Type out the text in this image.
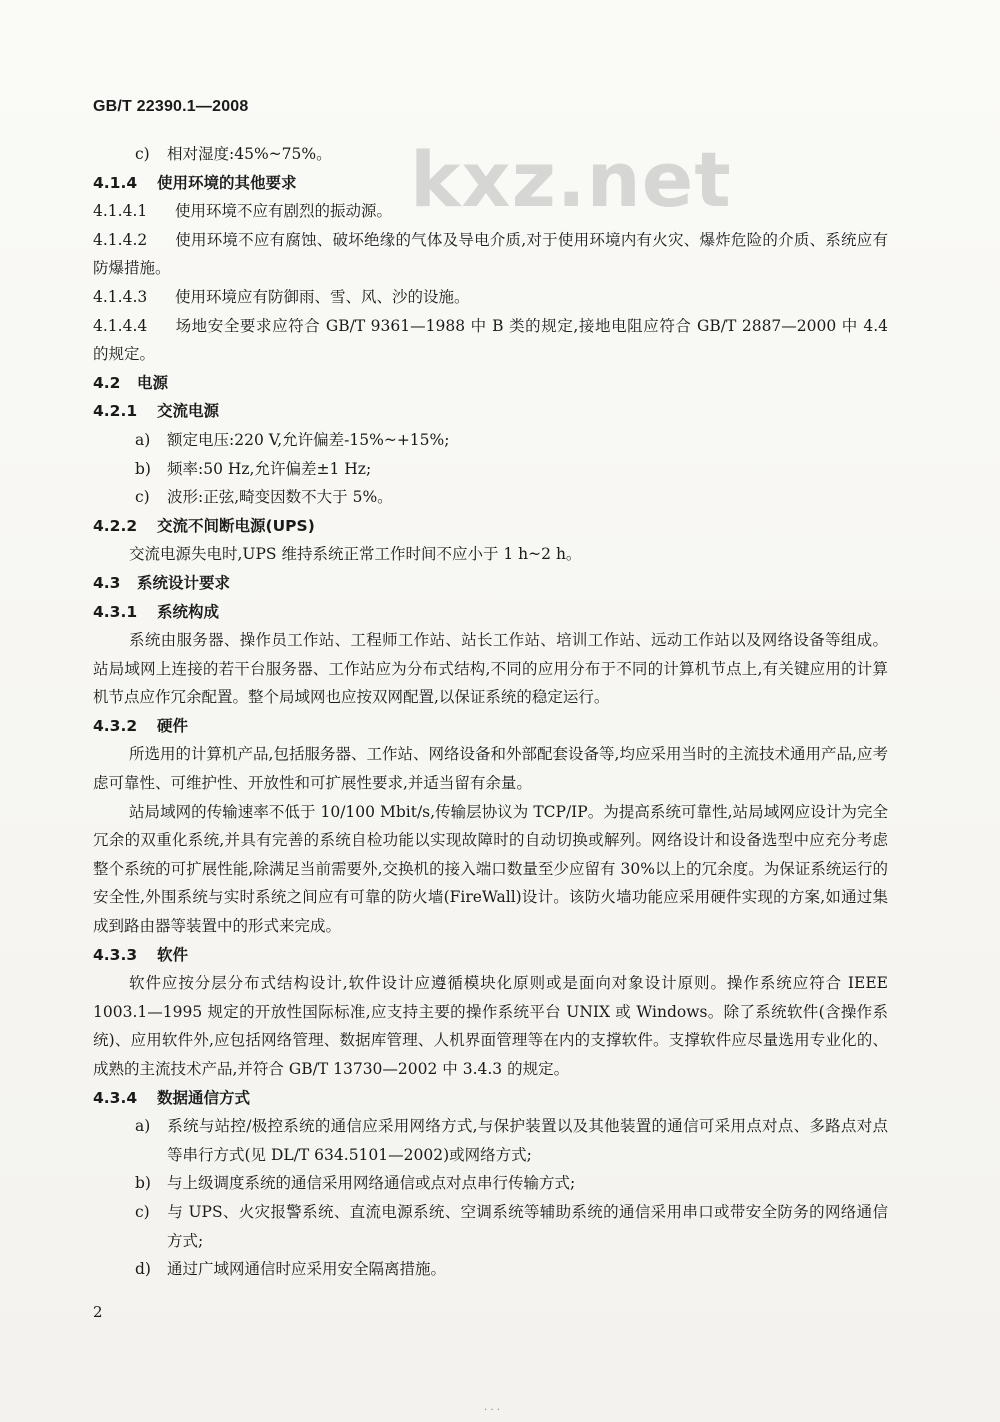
GB/T 22390.1—2008
kxz.net

c) 相对湿度:45%~75%。

4.1.4 使用环境的其他要求

4.1.4.1 使用环境不应有剧烈的振动源。

4.1.4.2 使用环境不应有腐蚀、破坏绝缘的气体及导电介质,对于使用环境内有火灾、爆炸危险的介质、系统应有防爆措施。

4.1.4.3 使用环境应有防御雨、雪、风、沙的设施。

4.1.4.4 场地安全要求应符合 GB/T 9361—1988 中 B 类的规定,接地电阻应符合 GB/T 2887—2000 中 4.4 的规定。

4.2 电源

4.2.1 交流电源

a) 额定电压:220 V,允许偏差-15%~+15%;

b) 频率:50 Hz,允许偏差±1 Hz;

c) 波形:正弦,畸变因数不大于 5%。

4.2.2 交流不间断电源(UPS)

交流电源失电时,UPS 维持系统正常工作时间不应小于 1 h~2 h。

4.3 系统设计要求

4.3.1 系统构成

系统由服务器、操作员工作站、工程师工作站、站长工作站、培训工作站、远动工作站以及网络设备等组成。站局域网上连接的若干台服务器、工作站应为分布式结构,不同的应用分布于不同的计算机节点上,有关键应用的计算机节点应作冗余配置。整个局域网也应按双网配置,以保证系统的稳定运行。

4.3.2 硬件

所选用的计算机产品,包括服务器、工作站、网络设备和外部配套设备等,均应采用当时的主流技术通用产品,应考虑可靠性、可维护性、开放性和可扩展性要求,并适当留有余量。

站局域网的传输速率不低于 10/100 Mbit/s,传输层协议为 TCP/IP。为提高系统可靠性,站局域网应设计为完全冗余的双重化系统,并具有完善的系统自检功能以实现故障时的自动切换或解列。网络设计和设备选型中应充分考虑整个系统的可扩展性能,除满足当前需要外,交换机的接入端口数量至少应留有 30%以上的冗余度。为保证系统运行的安全性,外围系统与实时系统之间应有可靠的防火墙(FireWall)设计。该防火墙功能应采用硬件实现的方案,如通过集成到路由器等装置中的形式来完成。

4.3.3 软件

软件应按分层分布式结构设计,软件设计应遵循模块化原则或是面向对象设计原则。操作系统应符合 IEEE 1003.1—1995 规定的开放性国际标准,应支持主要的操作系统平台 UNIX 或 Windows。除了系统软件(含操作系统)、应用软件外,应包括网络管理、数据库管理、人机界面管理等在内的支撑软件。支撑软件应尽量选用专业化的、成熟的主流技术产品,并符合 GB/T 13730—2002 中 3.4.3 的规定。

4.3.4 数据通信方式

a) 系统与站控/极控系统的通信应采用网络方式,与保护装置以及其他装置的通信可采用点对点、多路点对点等串行方式(见 DL/T 634.5101—2002)或网络方式;

b) 与上级调度系统的通信采用网络通信或点对点串行传输方式;

c) 与 UPS、火灾报警系统、直流电源系统、空调系统等辅助系统的通信采用串口或带安全防务的网络通信方式;

d) 通过广域网通信时应采用安全隔离措施。

2
· · ·
